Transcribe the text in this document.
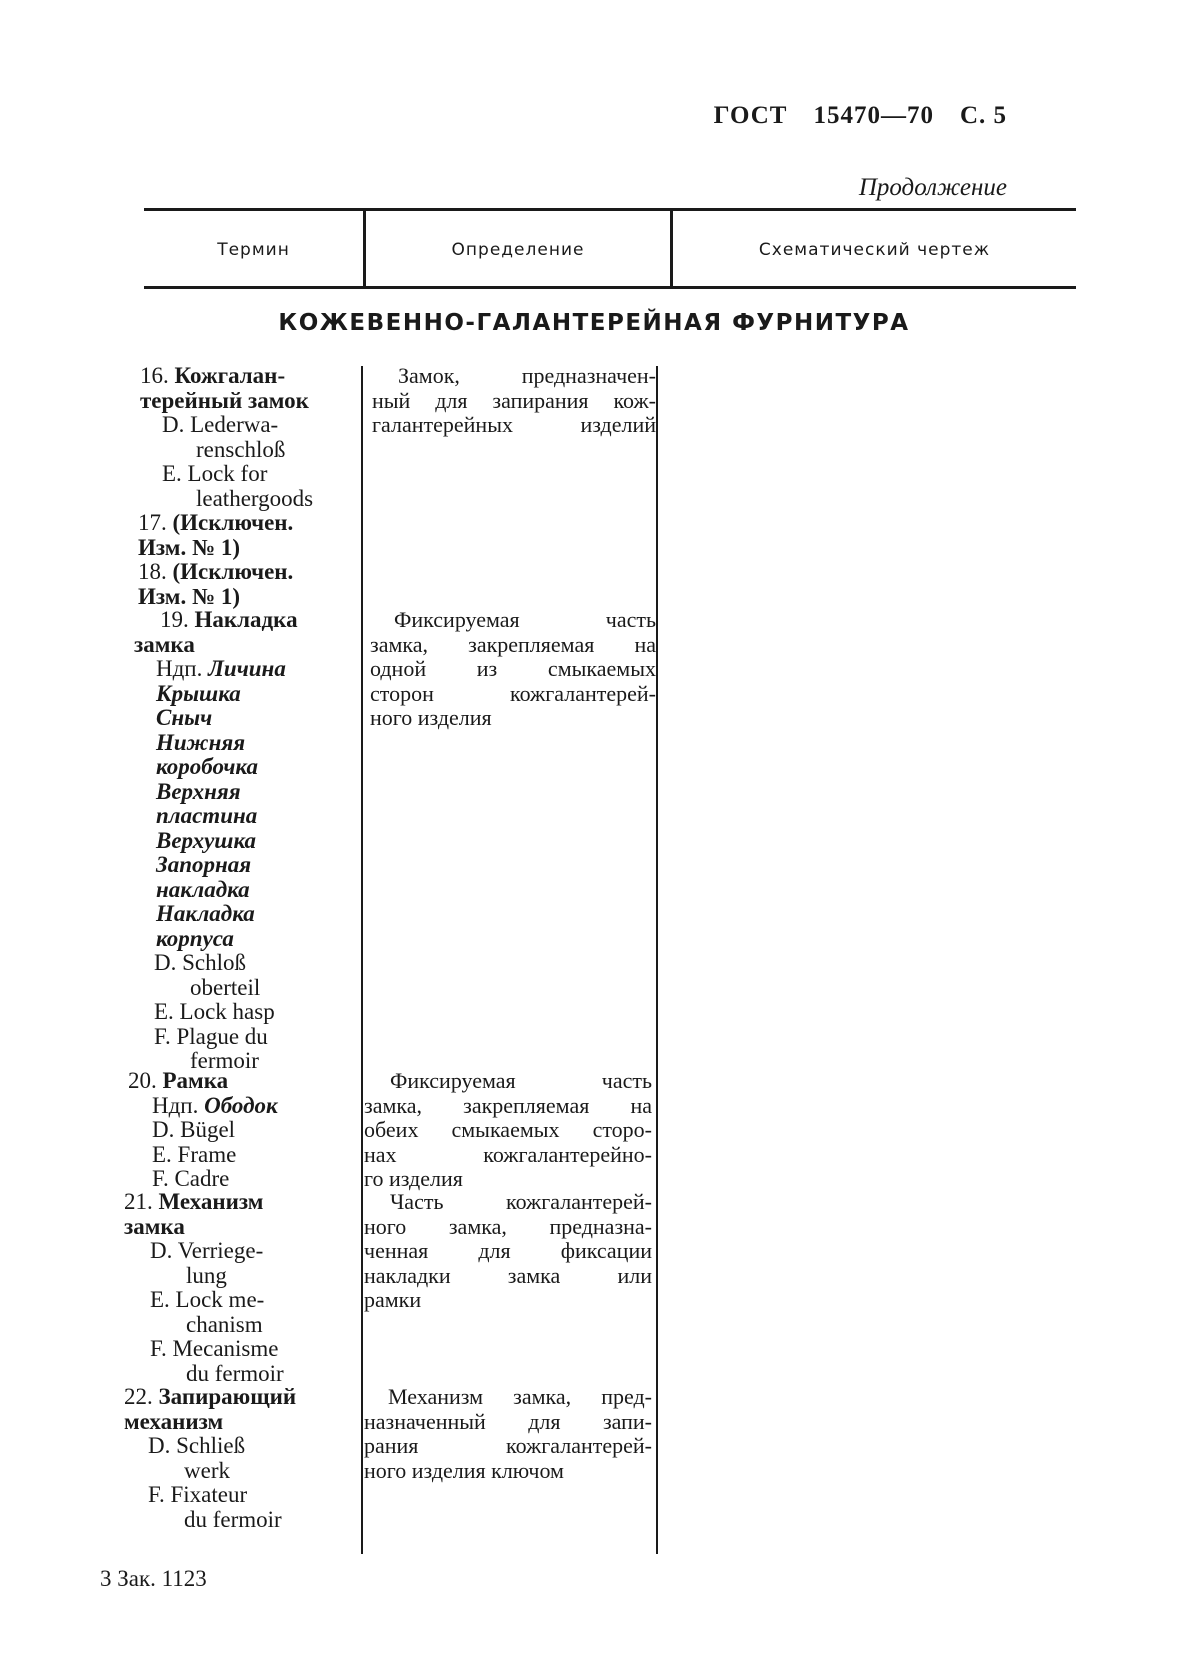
ГОСТ 15470—70 С. 5
Продолжение
Термин	Определение	Схематический чертеж
КОЖЕВЕННО-ГАЛАНТЕРЕЙНАЯ ФУРНИТУРА
16. Кожгалан-
терейный замок
D. Lederwa-
renschloß
E. Lock for
leathergoods
Замок, предназначен-
ный для запирания кож-
галантерейных изделий
17. (Исключен.
Изм. № 1)
18. (Исключен.
Изм. № 1)
19. Накладка
замка
Ндп. Личина
Крышка
Сныч
Нижняя
коробочка
Верхняя
пластина
Верхушка
Запорная
накладка
Накладка
корпуса
D. Schloß
oberteil
E. Lock hasp
F. Plague du
fermoir
Фиксируемая часть
замка, закрепляемая на
одной из смыкаемых
сторон кожгалантерей-
ного изделия
20. Рамка
Ндп. Ободок
D. Bügel
E. Frame
F. Cadre
Фиксируемая часть
замка, закрепляемая на
обеих смыкаемых сторо-
нах кожгалантерейно-
го изделия
21. Механизм
замка
D. Verriege-
lung
E. Lock me-
chanism
F. Mecanisme
du fermoir
Часть кожгалантерей-
ного замка, предназна-
ченная для фиксации
накладки замка или
рамки
22. Запирающий
механизм
D. Schließ
werk
F. Fixateur
du fermoir
Механизм замка, пред-
назначенный для запи-
рания кожгалантерей-
ного изделия ключом
3 Зак. 1123
